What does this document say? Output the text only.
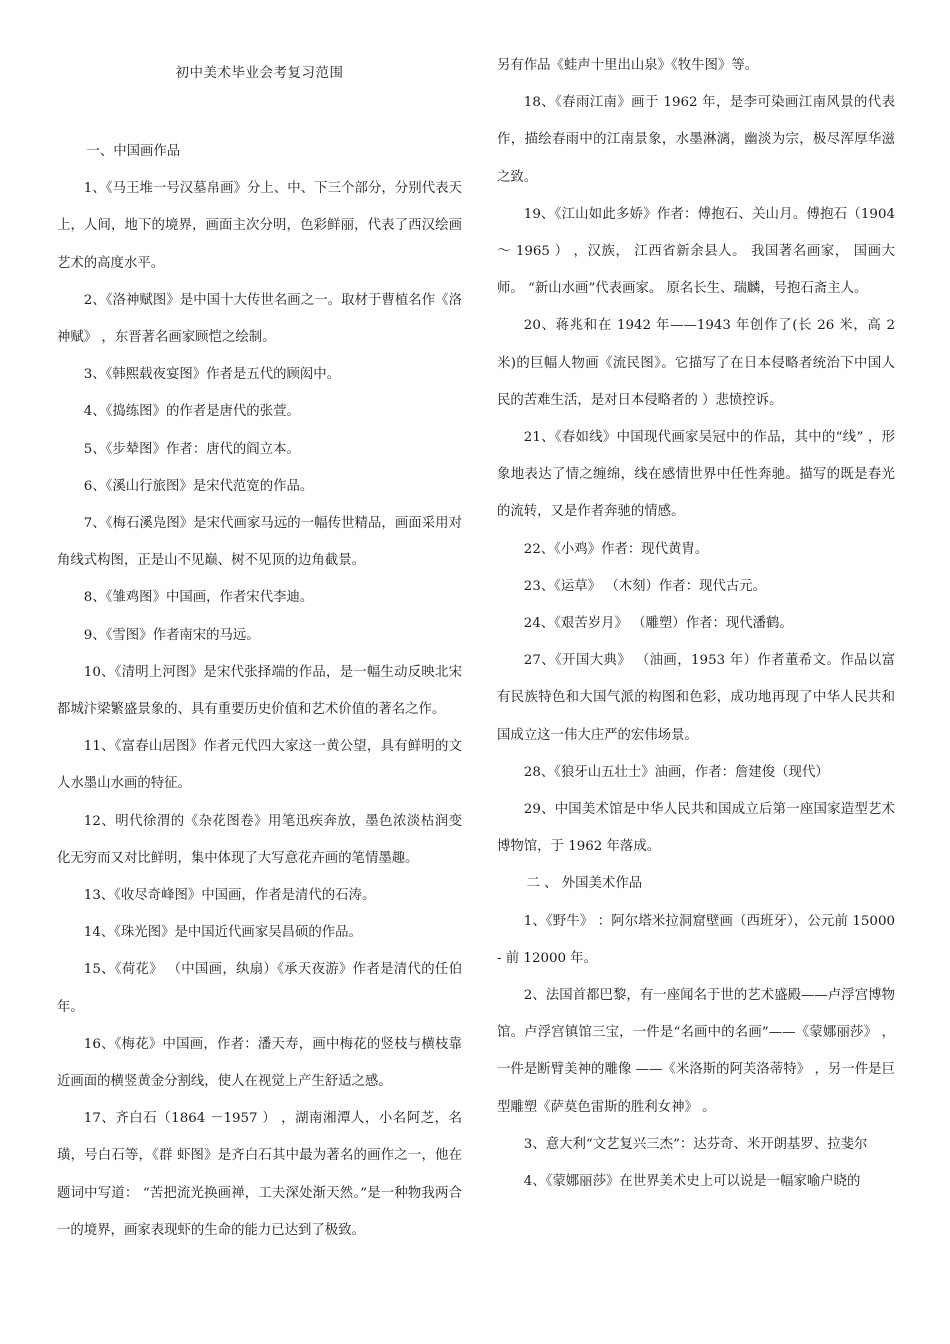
初中美术毕业会考复习范围

一、中国画作品

1、《马王堆一号汉墓帛画》分上、中、下三个部分，分别代表天上，人间，地下的境界，画面主次分明，色彩鲜丽，代表了西汉绘画艺术的高度水平。

2、《洛神赋图》是中国十大传世名画之一。取材于曹植名作《洛神赋》 ，东晋著名画家顾恺之绘制。

3、《韩熙载夜宴图》作者是五代的顾闳中。

4、《捣练图》的作者是唐代的张萱。

5、《步辇图》作者：唐代的阎立本。

6、《溪山行旅图》是宋代范宽的作品。

7、《梅石溪凫图》是宋代画家马远的一幅传世精品，画面采用对角线式构图，正是山不见巅、树不见顶的边角截景。

8、《雏鸡图》中国画，作者宋代李迪。

9、《雪图》作者南宋的马远。

10、《清明上河图》是宋代张择端的作品，是一幅生动反映北宋都城汴梁繁盛景象的、具有重要历史价值和艺术价值的著名之作。

11、《富春山居图》作者元代四大家这一黄公望，具有鲜明的文人水墨山水画的特征。

12、明代徐渭的《杂花图卷》用笔迅疾奔放，墨色浓淡枯润变化无穷而又对比鲜明，集中体现了大写意花卉画的笔情墨趣。

13、《收尽奇峰图》中国画，作者是清代的石涛。

14、《珠光图》是中国近代画家吴昌硕的作品。

15、《荷花》 （中国画，纨扇）《承天夜游》作者是清代的任伯年。

16、《梅花》中国画，作者：潘天寿，画中梅花的竖枝与横枝靠近画面的横竖黄金分割线，使人在视觉上产生舒适之感。

17、齐白石（1864 －1957 ） ，湖南湘潭人，小名阿芝，名璜，号白石等，《群 虾图》是齐白石其中最为著名的画作之一，他在题词中写道： “苦把流光换画禅，工夫深处渐天然。”是一种物我两合一的境界，画家表现虾的生命的能力已达到了极致。

另有作品《蛙声十里出山泉》《牧牛图》等。

18、《春雨江南》画于 1962 年，是李可染画江南风景的代表作，描绘春雨中的江南景象，水墨淋漓，幽淡为宗，极尽浑厚华滋之致。

19、《江山如此多娇》作者：傅抱石、关山月。傅抱石（1904 ～ 1965 ） ，汉族， 江西省新余县人。 我国著名画家， 国画大师。 “新山水画”代表画家。 原名长生、瑞麟，号抱石斋主人。

20、蒋兆和在 1942 年——1943 年创作了(长 26 米，高 2 米)的巨幅人物画《流民图》。它描写了在日本侵略者统治下中国人民的苦难生活，是对日本侵略者的 ）悲愤控诉。

21、《春如线》中国现代画家吴冠中的作品，其中的“线” ，形象地表达了情之缠绵，线在感情世界中任性奔驰。描写的既是春光的流转，又是作者奔驰的情感。

22、《小鸡》作者：现代黄胄。

23、《运草》 （木刻）作者：现代古元。

24、《艰苦岁月》 （雕塑）作者：现代潘鹤。

27、《开国大典》 （油画，1953 年）作者董希文。作品以富有民族特色和大国气派的构图和色彩，成功地再现了中华人民共和国成立这一伟大庄严的宏伟场景。

28、《狼牙山五壮士》油画，作者：詹建俊（现代）

29、中国美术馆是中华人民共和国成立后第一座国家造型艺术博物馆，于 1962 年落成。

二 、 外国美术作品

1、《野牛》 ：阿尔塔米拉洞窟壁画（西班牙），公元前 15000- 前 12000 年。

2、法国首都巴黎，有一座闻名于世的艺术盛殿——卢浮宫博物馆。卢浮宫镇馆三宝，一件是“名画中的名画”——《蒙娜丽莎》 ，一件是断臂美神的雕像 ——《米洛斯的阿芙洛蒂特》 ，另一件是巨型雕塑《萨莫色雷斯的胜利女神》 。

3、意大利“文艺复兴三杰”：达芬奇、米开朗基罗、拉斐尔

4、《蒙娜丽莎》在世界美术史上可以说是一幅家喻户晓的
